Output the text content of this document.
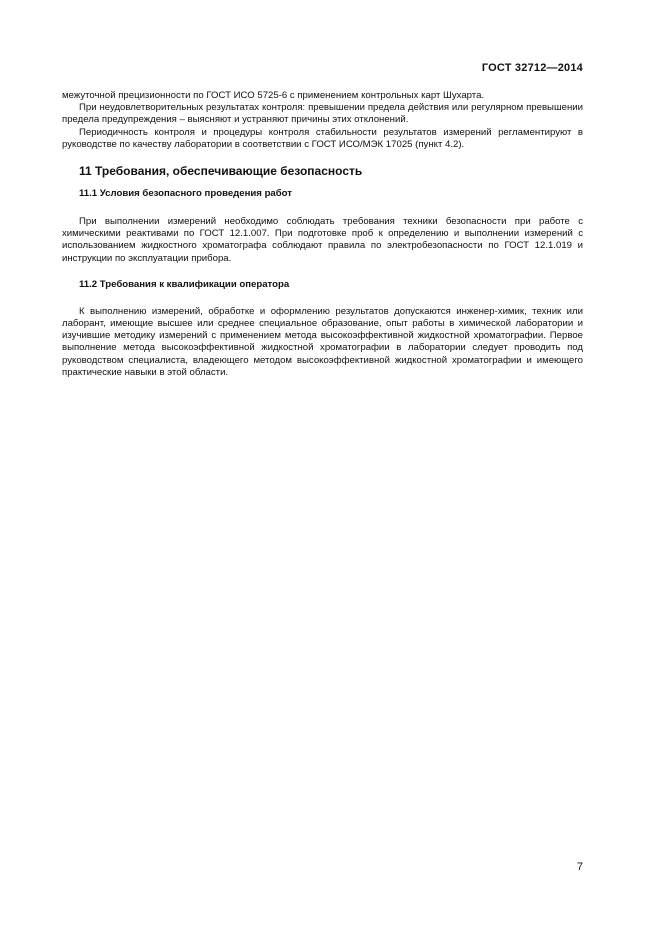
ГОСТ 32712—2014

межуточной прецизионности по ГОСТ ИСО 5725-6 с применением контрольных карт Шухарта.

При неудовлетворительных результатах контроля: превышении предела действия или регулярном превышении предела предупреждения – выясняют и устраняют причины этих отклонений.

Периодичность контроля и процедуры контроля стабильности результатов измерений регламентируют в руководстве по качеству лаборатории в соответствии с ГОСТ ИСО/МЭК 17025 (пункт 4.2).

11 Требования, обеспечивающие безопасность
11.1 Условия безопасного проведения работ

При выполнении измерений необходимо соблюдать требования техники безопасности при работе с химическими реактивами по ГОСТ 12.1.007. При подготовке проб к определению и выполнении измерений с использованием жидкостного хроматографа соблюдают правила по электробезопасности по ГОСТ 12.1.019 и инструкции по эксплуатации прибора.

11.2 Требования к квалификации оператора

К выполнению измерений, обработке и оформлению результатов допускаются инженер-химик, техник или лаборант, имеющие высшее или среднее специальное образование, опыт работы в химической лаборатории и изучившие методику измерений с применением метода высокоэффективной жидкостной хроматографии. Первое выполнение метода высокоэффективной жидкостной хроматографии в лаборатории следует проводить под руководством специалиста, владеющего методом высокоэффективной жидкостной хроматографии и имеющего практические навыки в этой области.

7
